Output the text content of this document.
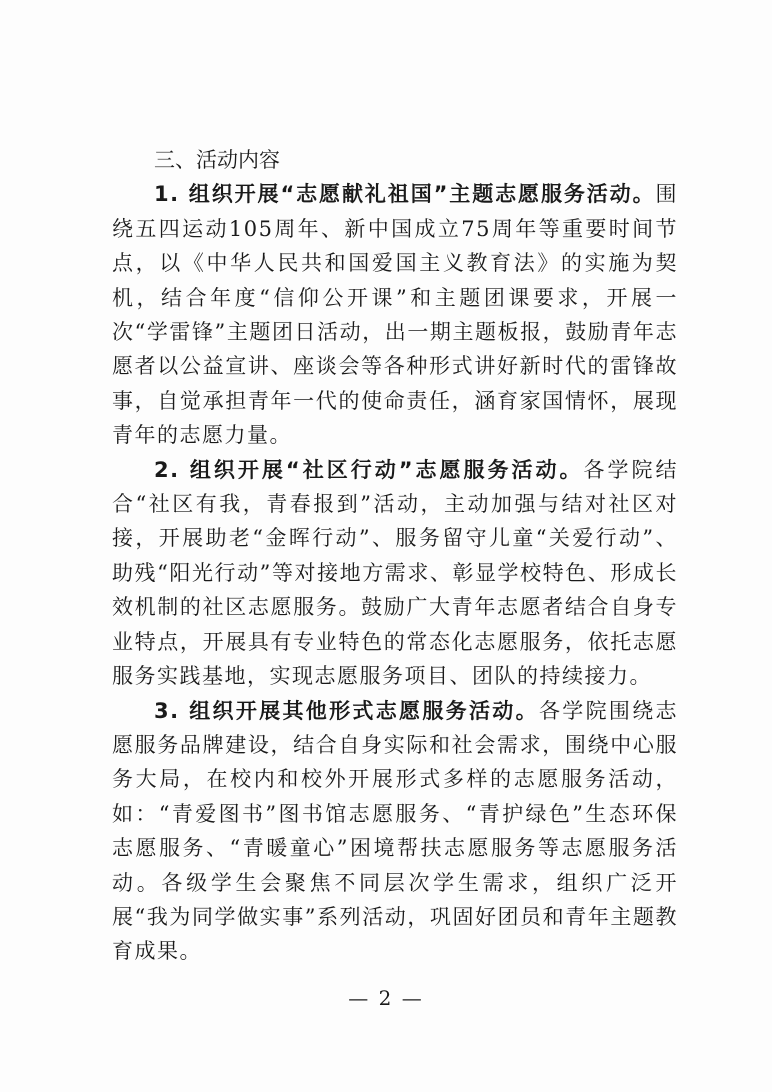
三、活动内容

1. 组织开展“志愿献礼祖国”主题志愿服务活动。围绕五四运动105周年、新中国成立75周年等重要时间节点，以《中华人民共和国爱国主义教育法》的实施为契机，结合年度“信仰公开课”和主题团课要求，开展一次“学雷锋”主题团日活动，出一期主题板报，鼓励青年志愿者以公益宣讲、座谈会等各种形式讲好新时代的雷锋故事，自觉承担青年一代的使命责任，涵育家国情怀，展现青年的志愿力量。

2. 组织开展“社区行动”志愿服务活动。各学院结合“社区有我，青春报到”活动，主动加强与结对社区对接，开展助老“金晖行动”、服务留守儿童“关爱行动”、助残“阳光行动”等对接地方需求、彰显学校特色、形成长效机制的社区志愿服务。鼓励广大青年志愿者结合自身专业特点，开展具有专业特色的常态化志愿服务，依托志愿服务实践基地，实现志愿服务项目、团队的持续接力。

3. 组织开展其他形式志愿服务活动。各学院围绕志愿服务品牌建设，结合自身实际和社会需求，围绕中心服务大局，在校内和校外开展形式多样的志愿服务活动，如：“青爱图书”图书馆志愿服务、“青护绿色”生态环保志愿服务、“青暖童心”困境帮扶志愿服务等志愿服务活动。各级学生会聚焦不同层次学生需求，组织广泛开展“我为同学做实事”系列活动，巩固好团员和青年主题教育成果。

— 2 —
